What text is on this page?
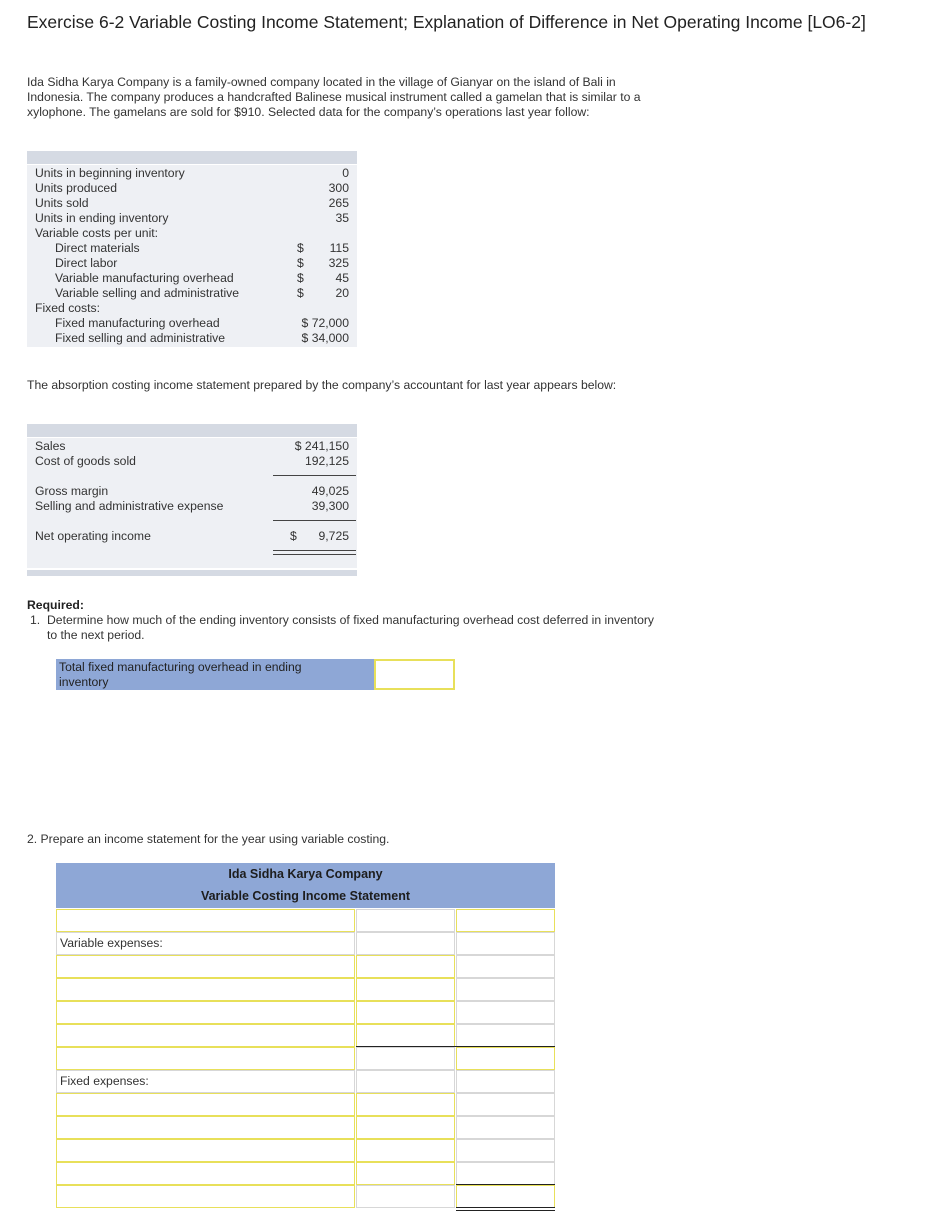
Exercise 6-2 Variable Costing Income Statement; Explanation of Difference in Net Operating Income [LO6-2]
Ida Sidha Karya Company is a family-owned company located in the village of Gianyar on the island of Bali in Indonesia. The company produces a handcrafted Balinese musical instrument called a gamelan that is similar to a xylophone. The gamelans are sold for $910. Selected data for the company’s operations last year follow:
Units in beginning inventory	0
Units produced	300
Units sold	265
Units in ending inventory	35
Variable costs per unit:
Direct materials	$	115
Direct labor	$	325
Variable manufacturing overhead	$	45
Variable selling and administrative	$	20
Fixed costs:
Fixed manufacturing overhead	$ 72,000
Fixed selling and administrative	$ 34,000
The absorption costing income statement prepared by the company’s accountant for last year appears below:
Sales	$ 241,150
Cost of goods sold	192,125
Gross margin	49,025
Selling and administrative expense	39,300
Net operating income	$	9,725
Required:
1. Determine how much of the ending inventory consists of fixed manufacturing overhead cost deferred in inventory to the next period.
Total fixed manufacturing overhead in ending
inventory
2. Prepare an income statement for the year using variable costing.
Ida Sidha Karya Company
Variable Costing Income Statement
Variable expenses:
Fixed expenses:
